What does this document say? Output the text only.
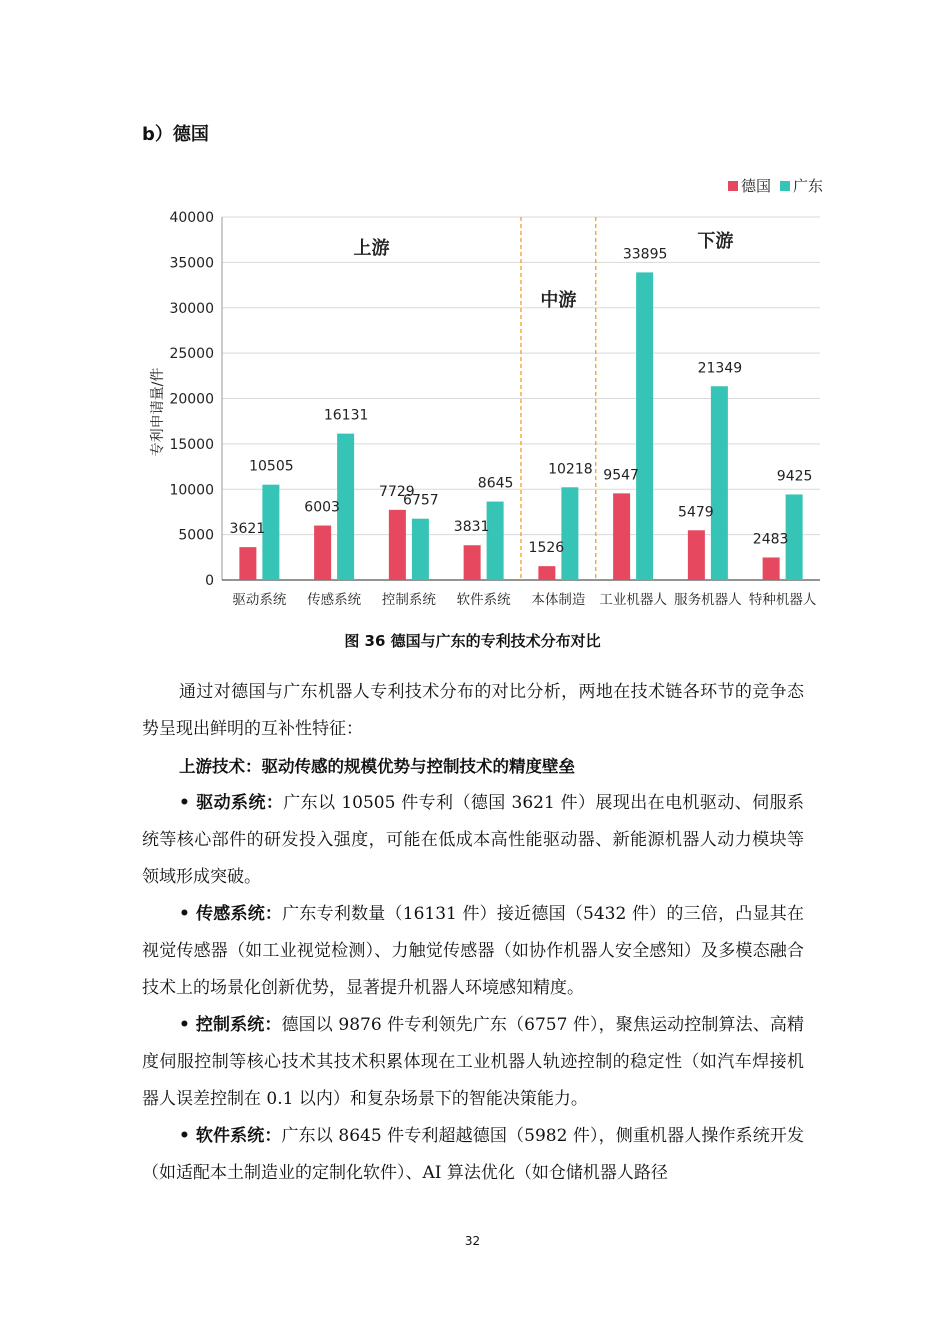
b）德国
0
5000
10000
15000
20000
25000
30000
35000
40000
3621
10505
6003
16131
7729
6757
3831
8645
1526
10218 9547
33895
5479
21349
2483
9425
驱动系统 传感系统 控制系统 软件系统 本体制造 工业机器人 服务机器人 特种机器人
上游
中游
下游
德国 广东
专利申请量/件
图 36 德国与广东的专利技术分布对比

通过对德国与广东机器人专利技术分布的对比分析，两地在技术链各环节的竞争态势呈现出鲜明的互补性特征：

上游技术：驱动传感的规模优势与控制技术的精度壁垒

• 驱动系统：广东以 10505 件专利（德国 3621 件）展现出在电机驱动、伺服系统等核心部件的研发投入强度，可能在低成本高性能驱动器、新能源机器人动力模块等领域形成突破。

• 传感系统：广东专利数量（16131 件）接近德国（5432 件）的三倍，凸显其在视觉传感器（如工业视觉检测）、力触觉传感器（如协作机器人安全感知）及多模态融合技术上的场景化创新优势，显著提升机器人环境感知精度。

• 控制系统：德国以 9876 件专利领先广东（6757 件），聚焦运动控制算法、高精度伺服控制等核心技术其技术积累体现在工业机器人轨迹控制的稳定性（如汽车焊接机器人误差控制在 0.1 以内）和复杂场景下的智能决策能力。

• 软件系统：广东以 8645 件专利超越德国（5982 件），侧重机器人操作系统开发（如适配本土制造业的定制化软件）、AI 算法优化（如仓储机器人路径

32
